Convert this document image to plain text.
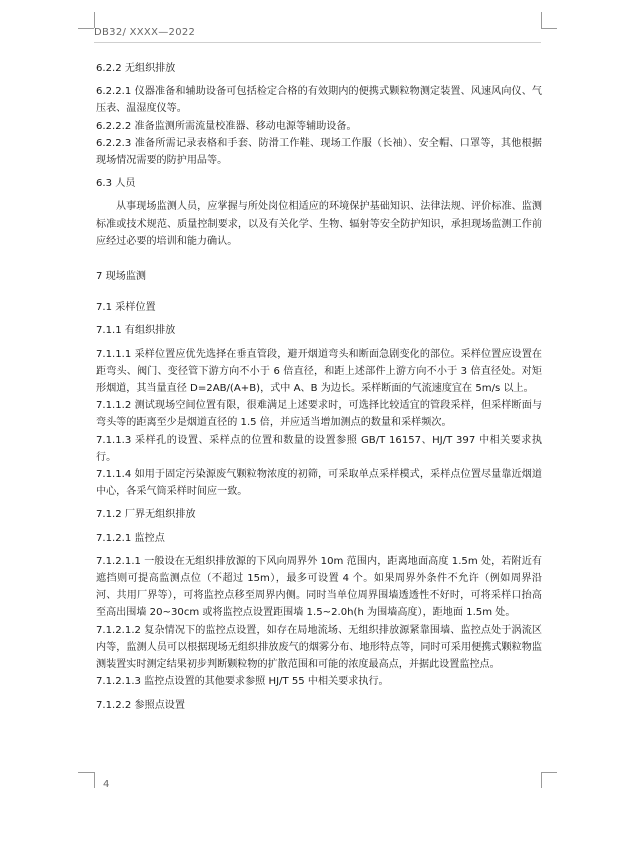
DB32/ XXXX—2022

6.2.2 无组织排放

6.2.2.1 仪器准备和辅助设备可包括检定合格的有效期内的便携式颗粒物测定装置、风速风向仪、气压表、温湿度仪等。

6.2.2.2 准备监测所需流量校准器、移动电源等辅助设备。

6.2.2.3 准备所需记录表格和手套、防滑工作鞋、现场工作服（长袖）、安全帽、口罩等，其他根据现场情况需要的防护用品等。

6.3 人员

从事现场监测人员，应掌握与所处岗位相适应的环境保护基础知识、法律法规、评价标准、监测标准或技术规范、质量控制要求，以及有关化学、生物、辐射等安全防护知识，承担现场监测工作前应经过必要的培训和能力确认。

7 现场监测

7.1 采样位置

7.1.1 有组织排放

7.1.1.1 采样位置应优先选择在垂直管段，避开烟道弯头和断面急剧变化的部位。采样位置应设置在距弯头、阀门、变径管下游方向不小于 6 倍直径，和距上述部件上游方向不小于 3 倍直径处。对矩形烟道，其当量直径 D=2AB/(A+B)，式中 A、B 为边长。采样断面的气流速度宜在 5m/s 以上。

7.1.1.2 测试现场空间位置有限，很难满足上述要求时，可选择比较适宜的管段采样，但采样断面与弯头等的距离至少是烟道直径的 1.5 倍，并应适当增加测点的数量和采样频次。

7.1.1.3 采样孔的设置、采样点的位置和数量的设置参照 GB/T 16157、HJ/T 397 中相关要求执行。

7.1.1.4 如用于固定污染源废气颗粒物浓度的初筛，可采取单点采样模式，采样点位置尽量靠近烟道中心，各采气筒采样时间应一致。

7.1.2 厂界无组织排放

7.1.2.1 监控点

7.1.2.1.1 一般设在无组织排放源的下风向周界外 10m 范围内，距离地面高度 1.5m 处，若附近有遮挡则可提高监测点位（不超过 15m），最多可设置 4 个。如果周界外条件不允许（例如周界沿河、共用厂界等），可将监控点移至周界内侧。同时当单位周界围墙透透性不好时，可将采样口抬高至高出围墙 20~30cm 或将监控点设置距围墙 1.5~2.0h(h 为围墙高度），距地面 1.5m 处。

7.1.2.1.2 复杂情况下的监控点设置，如存在局地流场、无组织排放源紧靠围墙、监控点处于涡流区内等，监测人员可以根据现场无组织排放废气的烟雾分布、地形特点等，同时可采用便携式颗粒物监测装置实时测定结果初步判断颗粒物的扩散范围和可能的浓度最高点，并据此设置监控点。

7.1.2.1.3 监控点设置的其他要求参照 HJ/T 55 中相关要求执行。

7.1.2.2 参照点设置

4
